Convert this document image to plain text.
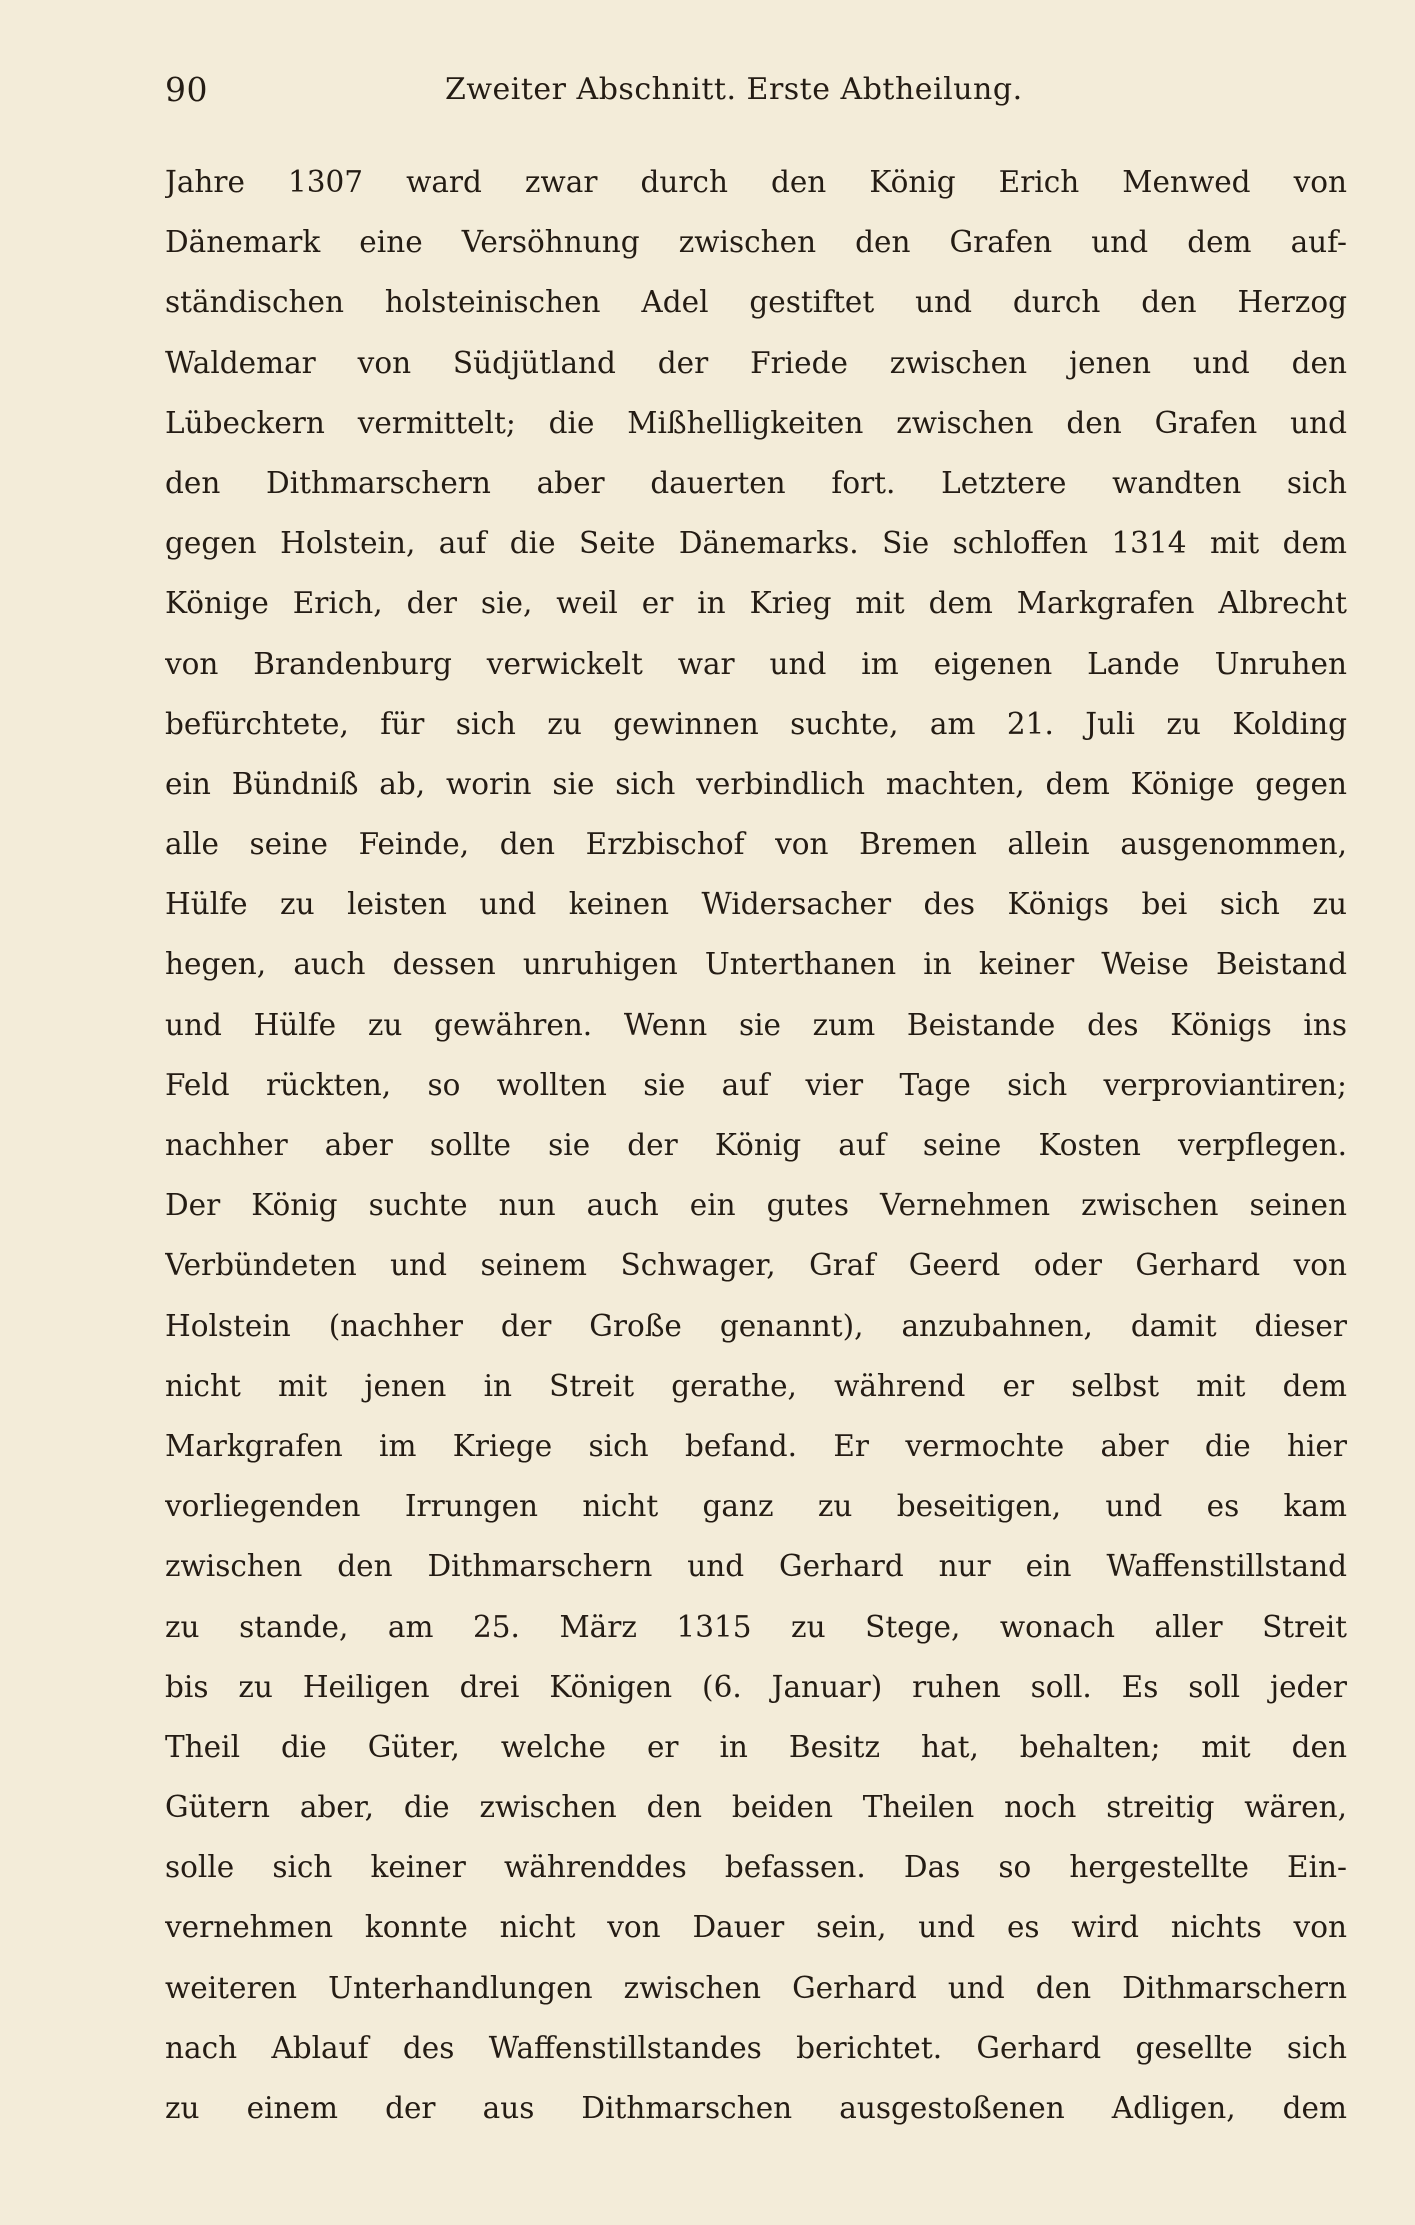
90	Zweiter Abschnitt. Erste Abtheilung.
Jahre 1307 ward zwar durch den König Erich Menwed von
Dänemark eine Versöhnung zwischen den Grafen und dem auf-
ständischen holsteinischen Adel gestiftet und durch den Herzog
Waldemar von Südjütland der Friede zwischen jenen und den
Lübeckern vermittelt; die Mißhelligkeiten zwischen den Grafen und
den Dithmarschern aber dauerten fort. Letztere wandten sich
gegen Holstein, auf die Seite Dänemarks. Sie schloffen 1314 mit dem
Könige Erich, der sie, weil er in Krieg mit dem Markgrafen Albrecht
von Brandenburg verwickelt war und im eigenen Lande Unruhen
befürchtete, für sich zu gewinnen suchte, am 21. Juli zu Kolding
ein Bündniß ab, worin sie sich verbindlich machten, dem Könige gegen
alle seine Feinde, den Erzbischof von Bremen allein ausgenommen,
Hülfe zu leisten und keinen Widersacher des Königs bei sich zu
hegen, auch dessen unruhigen Unterthanen in keiner Weise Beistand
und Hülfe zu gewähren. Wenn sie zum Beistande des Königs ins
Feld rückten, so wollten sie auf vier Tage sich verproviantiren;
nachher aber sollte sie der König auf seine Kosten verpflegen.
Der König suchte nun auch ein gutes Vernehmen zwischen seinen
Verbündeten und seinem Schwager, Graf Geerd oder Gerhard von
Holstein (nachher der Große genannt), anzubahnen, damit dieser
nicht mit jenen in Streit gerathe, während er selbst mit dem
Markgrafen im Kriege sich befand. Er vermochte aber die hier
vorliegenden Irrungen nicht ganz zu beseitigen, und es kam
zwischen den Dithmarschern und Gerhard nur ein Waffenstillstand
zu stande, am 25. März 1315 zu Stege, wonach aller Streit
bis zu Heiligen drei Königen (6. Januar) ruhen soll. Es soll jeder
Theil die Güter, welche er in Besitz hat, behalten; mit den
Gütern aber, die zwischen den beiden Theilen noch streitig wären,
solle sich keiner währenddes befassen. Das so hergestellte Ein-
vernehmen konnte nicht von Dauer sein, und es wird nichts von
weiteren Unterhandlungen zwischen Gerhard und den Dithmarschern
nach Ablauf des Waffenstillstandes berichtet. Gerhard gesellte sich
zu einem der aus Dithmarschen ausgestoßenen Adligen, dem
